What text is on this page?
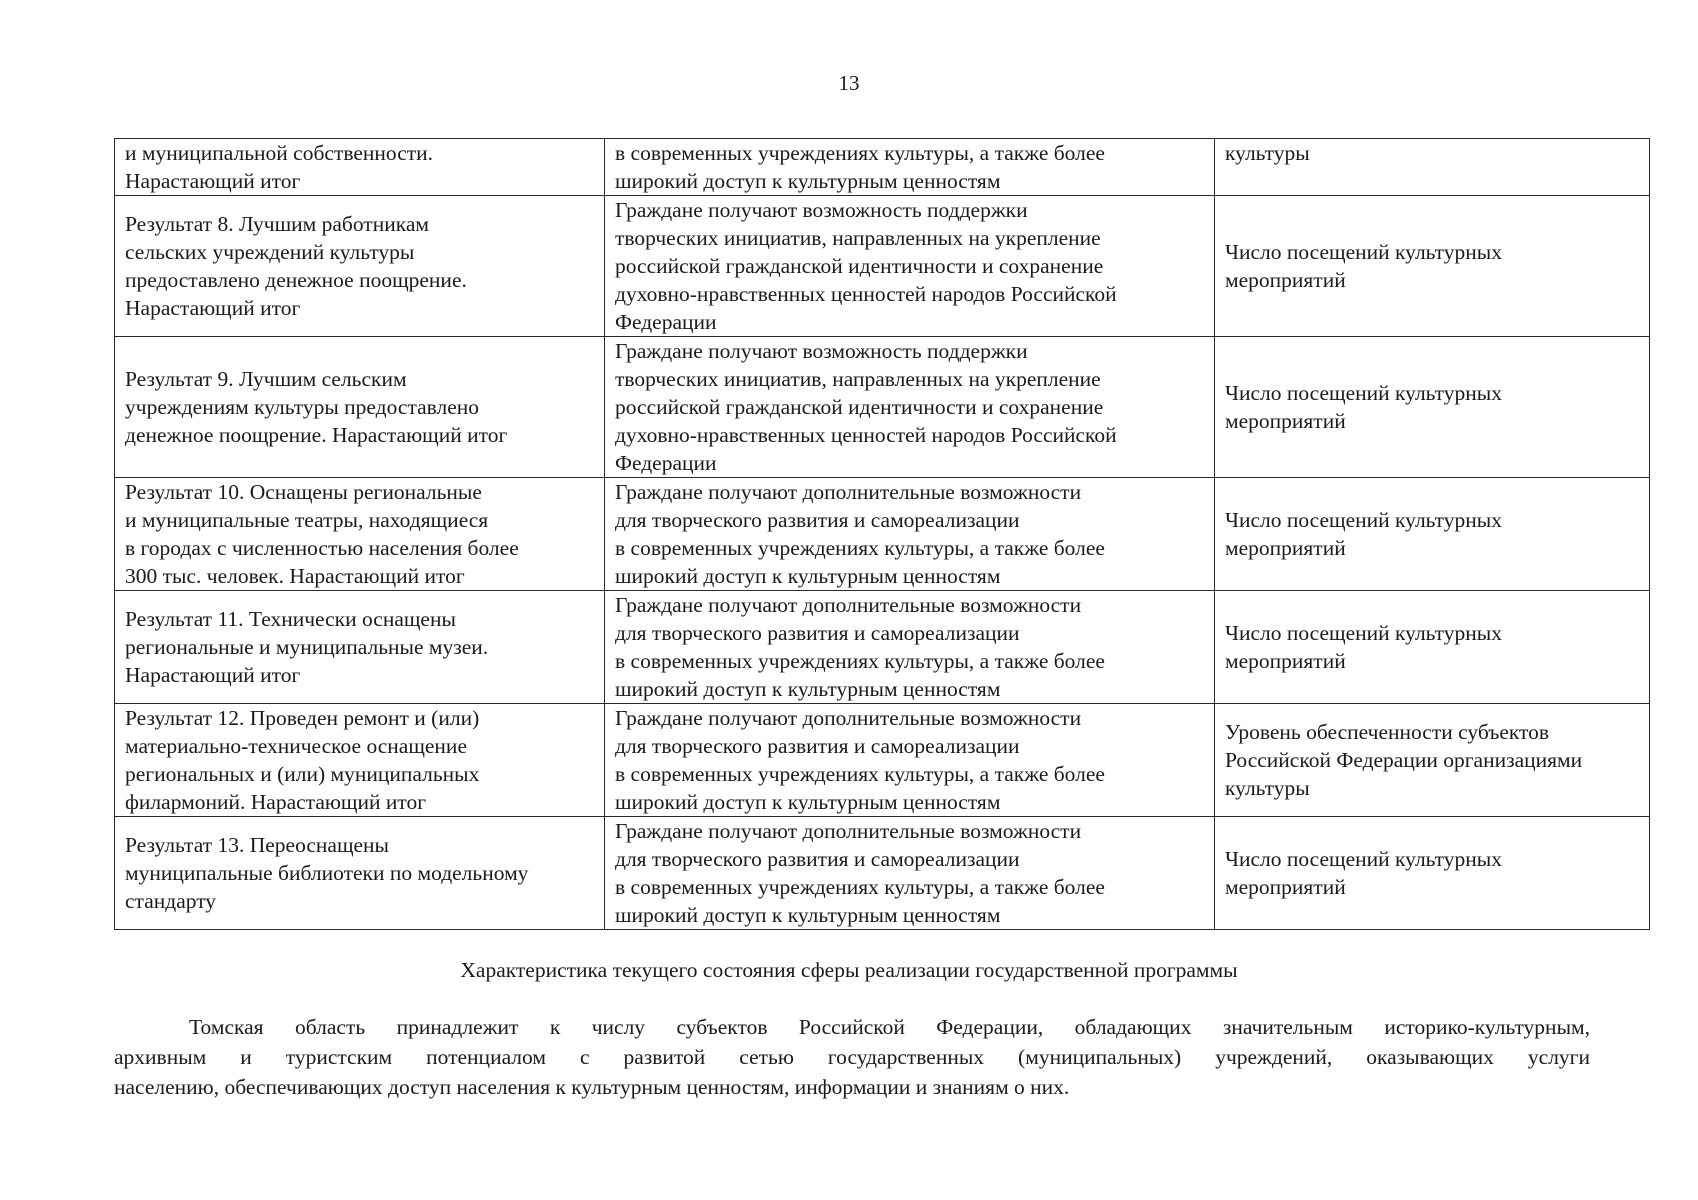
13
и муниципальной собственности.
Нарастающий итог	в современных учреждениях культуры, а также более
широкий доступ к культурным ценностям	культуры

Результат 8. Лучшим работникам
сельских учреждений культуры
предоставлено денежное поощрение.
Нарастающий итог	Граждане получают возможность поддержки
творческих инициатив, направленных на укрепление
российской гражданской идентичности и сохранение
духовно-нравственных ценностей народов Российской
Федерации	Число посещений культурных
мероприятий

Результат 9. Лучшим сельским
учреждениям культуры предоставлено
денежное поощрение. Нарастающий итог	Граждане получают возможность поддержки
творческих инициатив, направленных на укрепление
российской гражданской идентичности и сохранение
духовно-нравственных ценностей народов Российской
Федерации	Число посещений культурных
мероприятий

Результат 10. Оснащены региональные
и муниципальные театры, находящиеся
в городах с численностью населения более
300 тыс. человек. Нарастающий итог	Граждане получают дополнительные возможности
для творческого развития и самореализации
в современных учреждениях культуры, а также более
широкий доступ к культурным ценностям	Число посещений культурных
мероприятий

Результат 11. Технически оснащены
региональные и муниципальные музеи.
Нарастающий итог	Граждане получают дополнительные возможности
для творческого развития и самореализации
в современных учреждениях культуры, а также более
широкий доступ к культурным ценностям	Число посещений культурных
мероприятий

Результат 12. Проведен ремонт и (или)
материально-техническое оснащение
региональных и (или) муниципальных
филармоний. Нарастающий итог	Граждане получают дополнительные возможности
для творческого развития и самореализации
в современных учреждениях культуры, а также более
широкий доступ к культурным ценностям	Уровень обеспеченности субъектов
Российской Федерации организациями
культуры

Результат 13. Переоснащены
муниципальные библиотеки по модельному
стандарту	Граждане получают дополнительные возможности
для творческого развития и самореализации
в современных учреждениях культуры, а также более
широкий доступ к культурным ценностям	Число посещений культурных
мероприятий
Характеристика текущего состояния сферы реализации государственной программы
Томская область принадлежит к числу субъектов Российской Федерации, обладающих значительным историко-культурным,
архивным и туристским потенциалом с развитой сетью государственных (муниципальных) учреждений, оказывающих услуги
населению, обеспечивающих доступ населения к культурным ценностям, информации и знаниям о них.
